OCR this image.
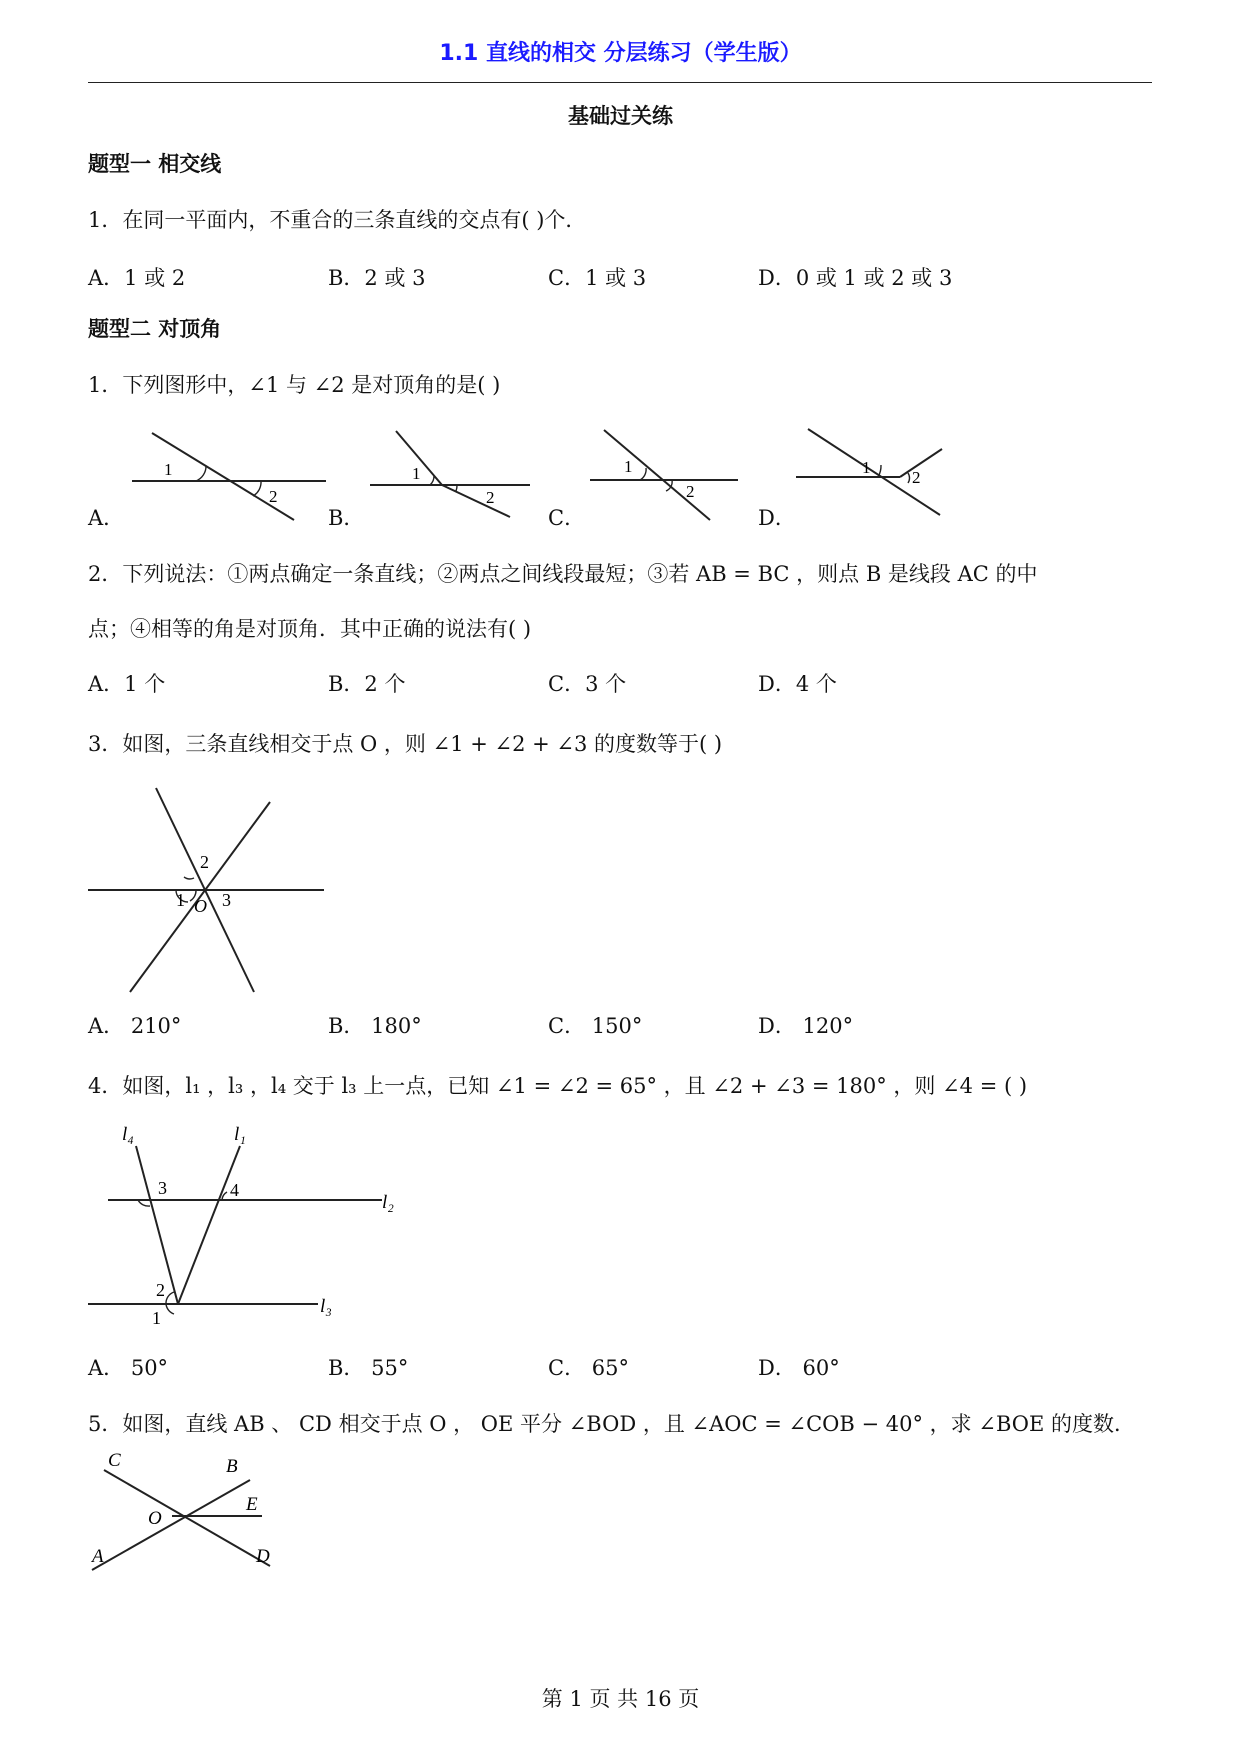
1.1 直线的相交 分层练习（学生版）
基础过关练
题型一 相交线
1．在同一平面内，不重合的三条直线的交点有( )个．
A．1 或 2	B．2 或 3	C．1 或 3	D．0 或 1 或 2 或 3
题型二 对顶角
1．下列图形中，∠1 与 ∠2 是对顶角的是( )
A．
1
2
B．
1
2
C．
1
2
D．
1
2
2．下列说法：①两点确定一条直线；②两点之间线段最短；③若 AB = BC ，则点 B 是线段 AC 的中
点；④相等的角是对顶角．其中正确的说法有( )
A．1 个	B．2 个	C．3 个	D．4 个
3．如图，三条直线相交于点 O ，则 ∠1 + ∠2 + ∠3 的度数等于( )
2
1 3
O
A． 210°	B． 180°	C． 150°	D． 120°
4．如图，l₁ ，l₃ ，l₄ 交于 l₃ 上一点，已知 ∠1 = ∠2 = 65° ，且 ∠2 + ∠3 = 180° ，则 ∠4 = ( )
l₄	l₁
l₂
l₃
3	4
2
1
A． 50°	B． 55°	C． 65°	D． 60°
5．如图，直线 AB 、 CD 相交于点 O ， OE 平分 ∠BOD ，且 ∠AOC = ∠COB − 40° ，求 ∠BOE 的度数．
C	B
E
O
A	D
第 1 页 共 16 页
